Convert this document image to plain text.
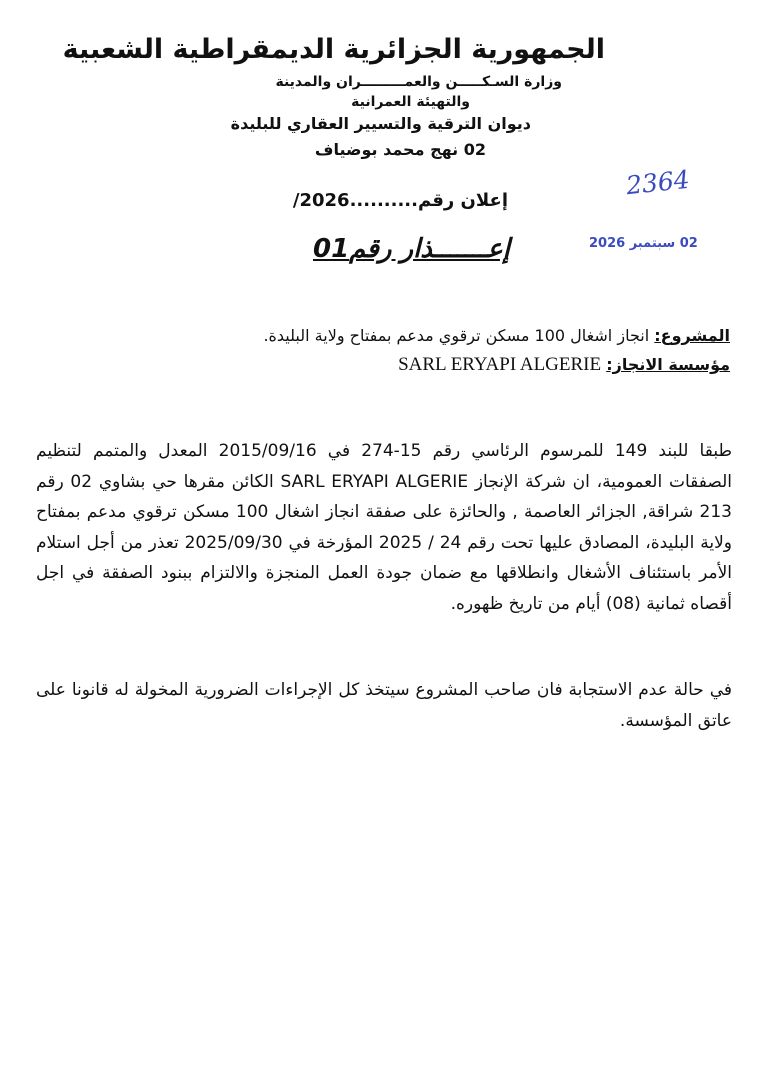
الجمهورية الجزائرية الديمقراطية الشعبية
وزارة السـكـــــن والعمـــــــــران والمدينة
والتهيئة العمرانية
ديوان الترقية والتسيير العقاري للبليدة
02 نهج محمد بوضياف
2364
إعلان رقم..........2026/
02 سبتمبر 2026
إعـــــــذار رقم01
المشروع: انجاز اشغال 100 مسكن ترقوي مدعم بمفتاح ولاية البليدة.
مؤسسة الانجاز: SARL ERYAPI ALGERIE

طبقا للبند 149 للمرسوم الرئاسي رقم 15-274 في 2015/09/16 المعدل والمتمم لتنظيم الصفقات العمومية، ان شركة الإنجاز SARL ERYAPI ALGERIE الكائن مقرها حي بشاوي 02 رقم 213 شراقة, الجزائر العاصمة , والحائزة على صفقة انجاز اشغال 100 مسكن ترقوي مدعم بمفتاح ولاية البليدة، المصادق عليها تحت رقم 24 / 2025 المؤرخة في 2025/09/30 تعذر من أجل استلام الأمر باستئناف الأشغال وانطلاقها مع ضمان جودة العمل المنجزة والالتزام ببنود الصفقة في اجل أقصاه ثمانية (08) أيام من تاريخ ظهوره.

في حالة عدم الاستجابة فان صاحب المشروع سيتخذ كل الإجراءات الضرورية المخولة له قانونا على عاتق المؤسسة.
